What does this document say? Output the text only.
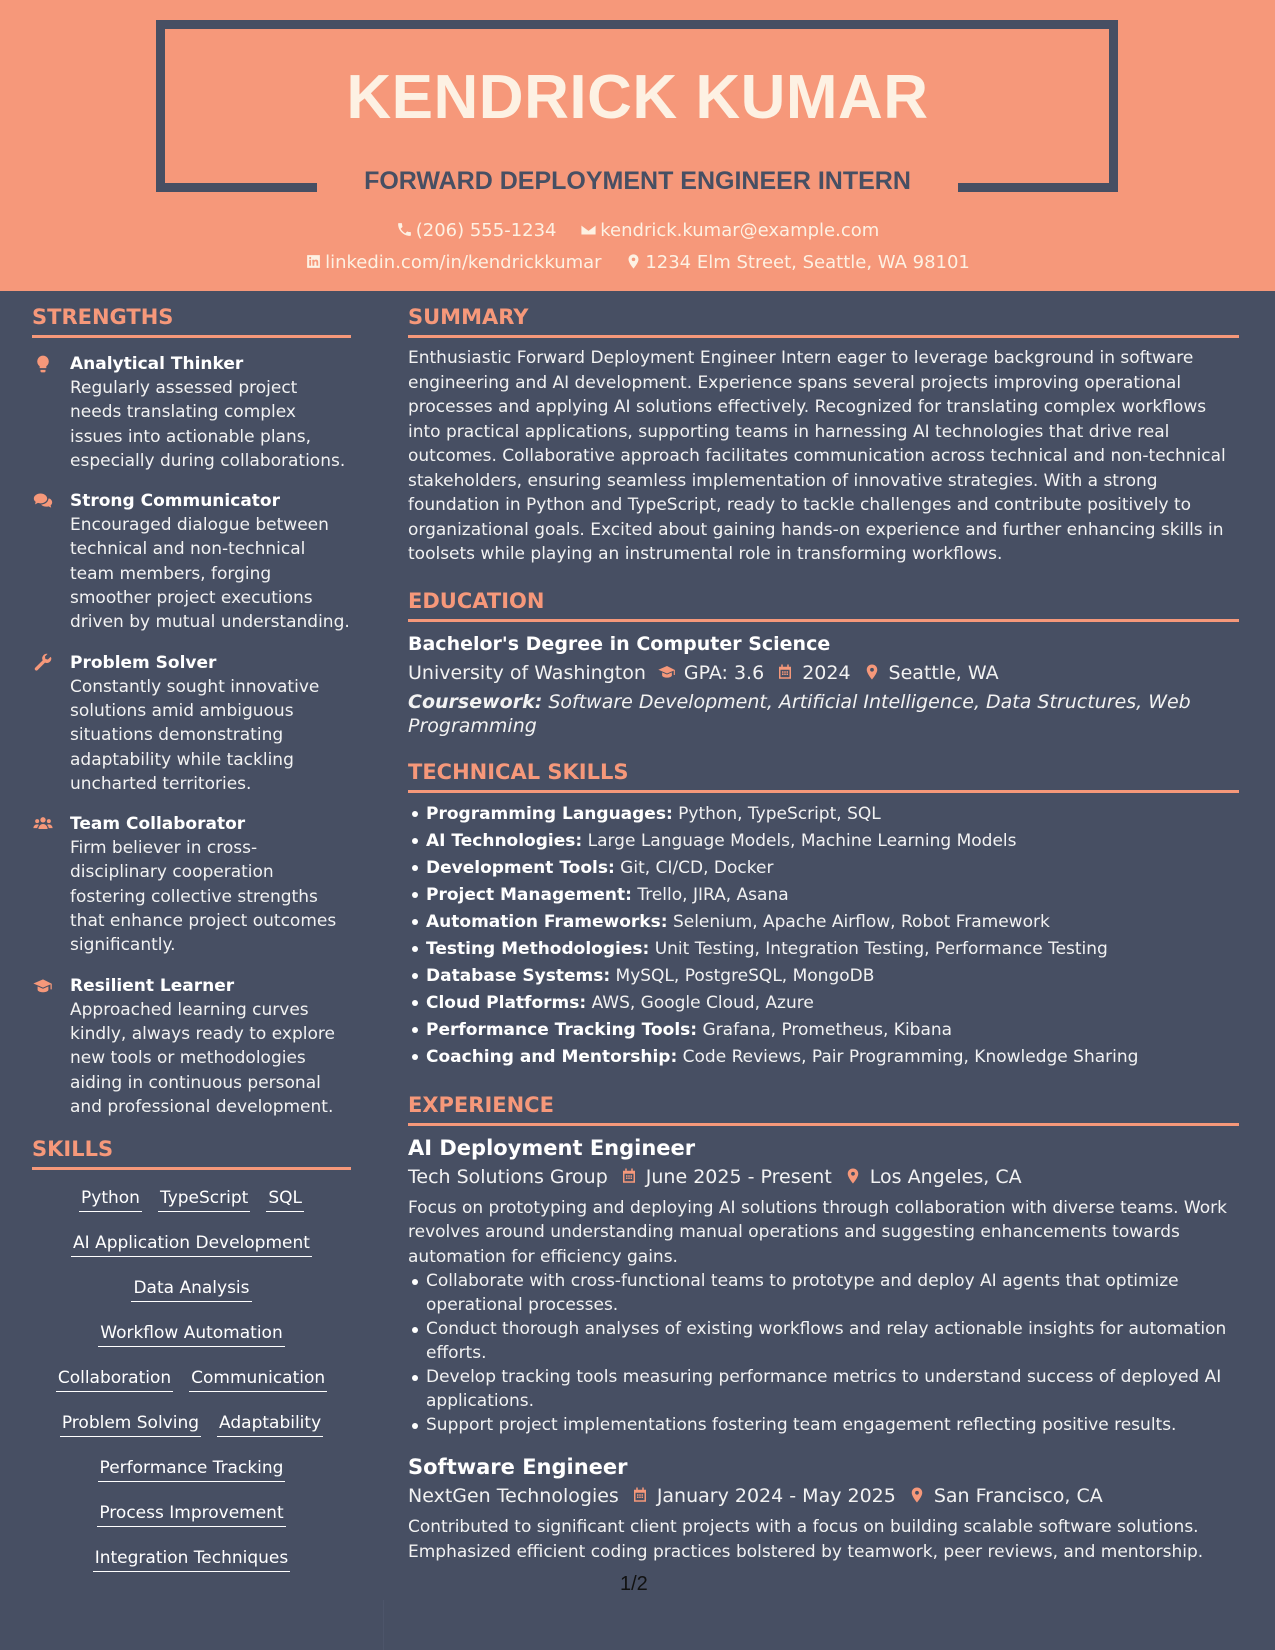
KENDRICK KUMAR
FORWARD DEPLOYMENT ENGINEER INTERN
(206) 555-1234 kendrick.kumar@example.com
linkedin.com/in/kendrickkumar 1234 Elm Street, Seattle, WA 98101
STRENGTHS
Analytical Thinker
Regularly assessed project needs translating complex issues into actionable plans, especially during collaborations.
Strong Communicator
Encouraged dialogue between technical and non-technical team members, forging smoother project executions driven by mutual understanding.
Problem Solver
Constantly sought innovative solutions amid ambiguous situations demonstrating adaptability while tackling uncharted territories.
Team Collaborator
Firm believer in cross-disciplinary cooperation fostering collective strengths that enhance project outcomes significantly.
Resilient Learner
Approached learning curves kindly, always ready to explore new tools or methodologies aiding in continuous personal and professional development.
SKILLS
Python TypeScript SQL
AI Application Development
Data Analysis
Workflow Automation
Collaboration Communication
Problem Solving Adaptability
Performance Tracking
Process Improvement
Integration Techniques
SUMMARY
Enthusiastic Forward Deployment Engineer Intern eager to leverage background in software engineering and AI development. Experience spans several projects improving operational processes and applying AI solutions effectively. Recognized for translating complex workflows into practical applications, supporting teams in harnessing AI technologies that drive real outcomes. Collaborative approach facilitates communication across technical and non-technical stakeholders, ensuring seamless implementation of innovative strategies. With a strong foundation in Python and TypeScript, ready to tackle challenges and contribute positively to organizational goals. Excited about gaining hands-on experience and further enhancing skills in toolsets while playing an instrumental role in transforming workflows.
EDUCATION
Bachelor's Degree in Computer Science
University of Washington GPA: 3.6 2024 Seattle, WA
Coursework: Software Development, Artificial Intelligence, Data Structures, Web Programming
TECHNICAL SKILLS
Programming Languages: Python, TypeScript, SQL
AI Technologies: Large Language Models, Machine Learning Models
Development Tools: Git, CI/CD, Docker
Project Management: Trello, JIRA, Asana
Automation Frameworks: Selenium, Apache Airflow, Robot Framework
Testing Methodologies: Unit Testing, Integration Testing, Performance Testing
Database Systems: MySQL, PostgreSQL, MongoDB
Cloud Platforms: AWS, Google Cloud, Azure
Performance Tracking Tools: Grafana, Prometheus, Kibana
Coaching and Mentorship: Code Reviews, Pair Programming, Knowledge Sharing
EXPERIENCE
AI Deployment Engineer
Tech Solutions Group June 2025 - Present Los Angeles, CA
Focus on prototyping and deploying AI solutions through collaboration with diverse teams. Work revolves around understanding manual operations and suggesting enhancements towards automation for efficiency gains.
Collaborate with cross-functional teams to prototype and deploy AI agents that optimize operational processes.
Conduct thorough analyses of existing workflows and relay actionable insights for automation efforts.
Develop tracking tools measuring performance metrics to understand success of deployed AI applications.
Support project implementations fostering team engagement reflecting positive results.
Software Engineer
NextGen Technologies January 2024 - May 2025 San Francisco, CA
Contributed to significant client projects with a focus on building scalable software solutions. Emphasized efficient coding practices bolstered by teamwork, peer reviews, and mentorship.
1/2
